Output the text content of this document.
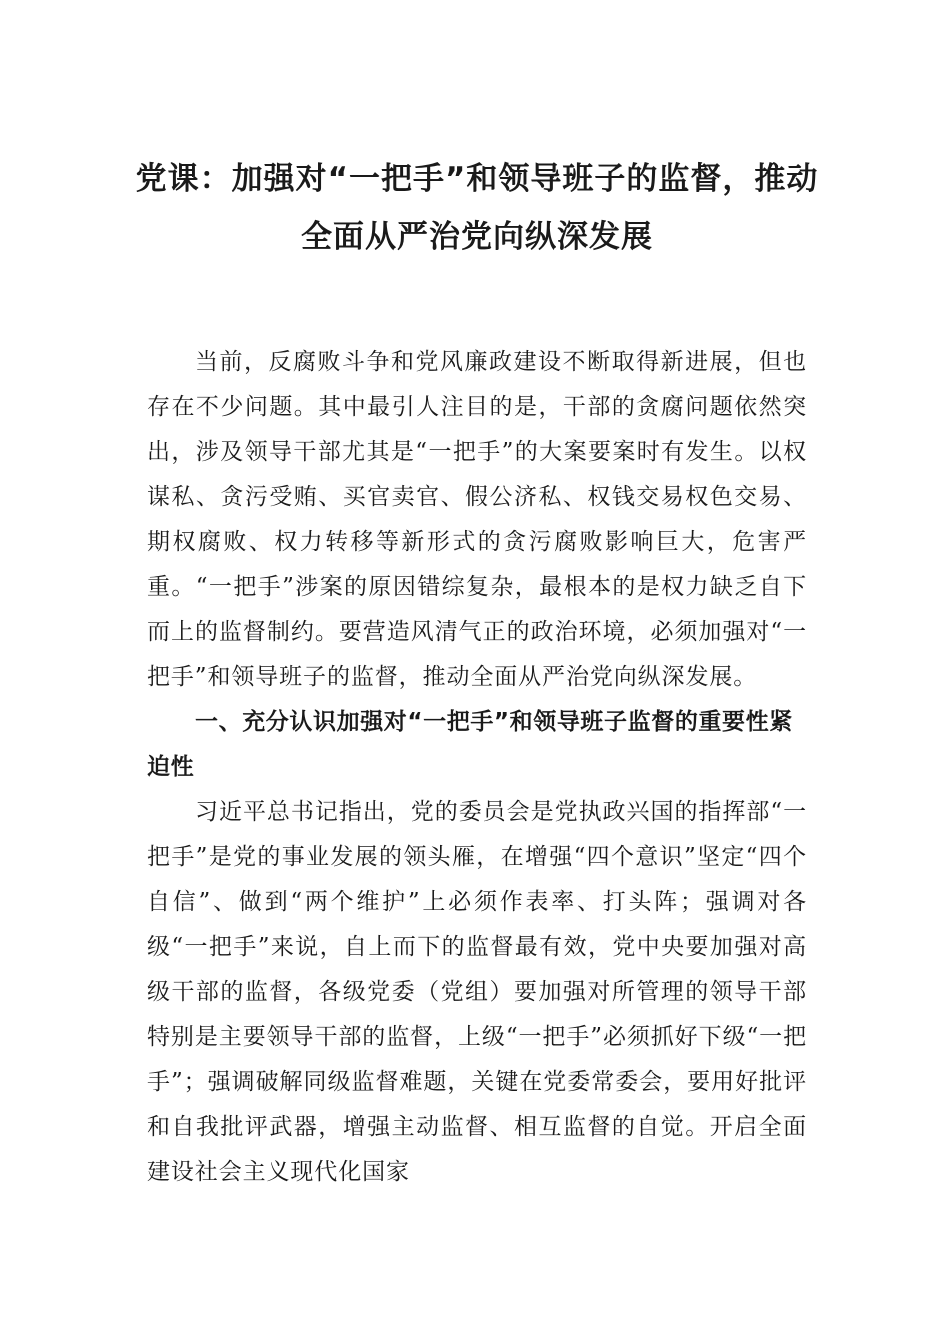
党课：加强对“一把手”和领导班子的监督，推动全面从严治党向纵深发展

当前，反腐败斗争和党风廉政建设不断取得新进展，但也存在不少问题。其中最引人注目的是，干部的贪腐问题依然突出，涉及领导干部尤其是“一把手”的大案要案时有发生。以权谋私、贪污受贿、买官卖官、假公济私、权钱交易权色交易、期权腐败、权力转移等新形式的贪污腐败影响巨大，危害严重。“一把手”涉案的原因错综复杂，最根本的是权力缺乏自下而上的监督制约。要营造风清气正的政治环境，必须加强对“一把手”和领导班子的监督，推动全面从严治党向纵深发展。

一、充分认识加强对“一把手”和领导班子监督的重要性紧迫性

习近平总书记指出，党的委员会是党执政兴国的指挥部“一把手”是党的事业发展的领头雁，在增强“四个意识”坚定“四个自信”、做到“两个维护”上必须作表率、打头阵；强调对各级“一把手”来说，自上而下的监督最有效，党中央要加强对高级干部的监督，各级党委（党组）要加强对所管理的领导干部特别是主要领导干部的监督，上级“一把手”必须抓好下级“一把手”；强调破解同级监督难题，关键在党委常委会，要用好批评和自我批评武器，增强主动监督、相互监督的自觉。开启全面建设社会主义现代化国家
